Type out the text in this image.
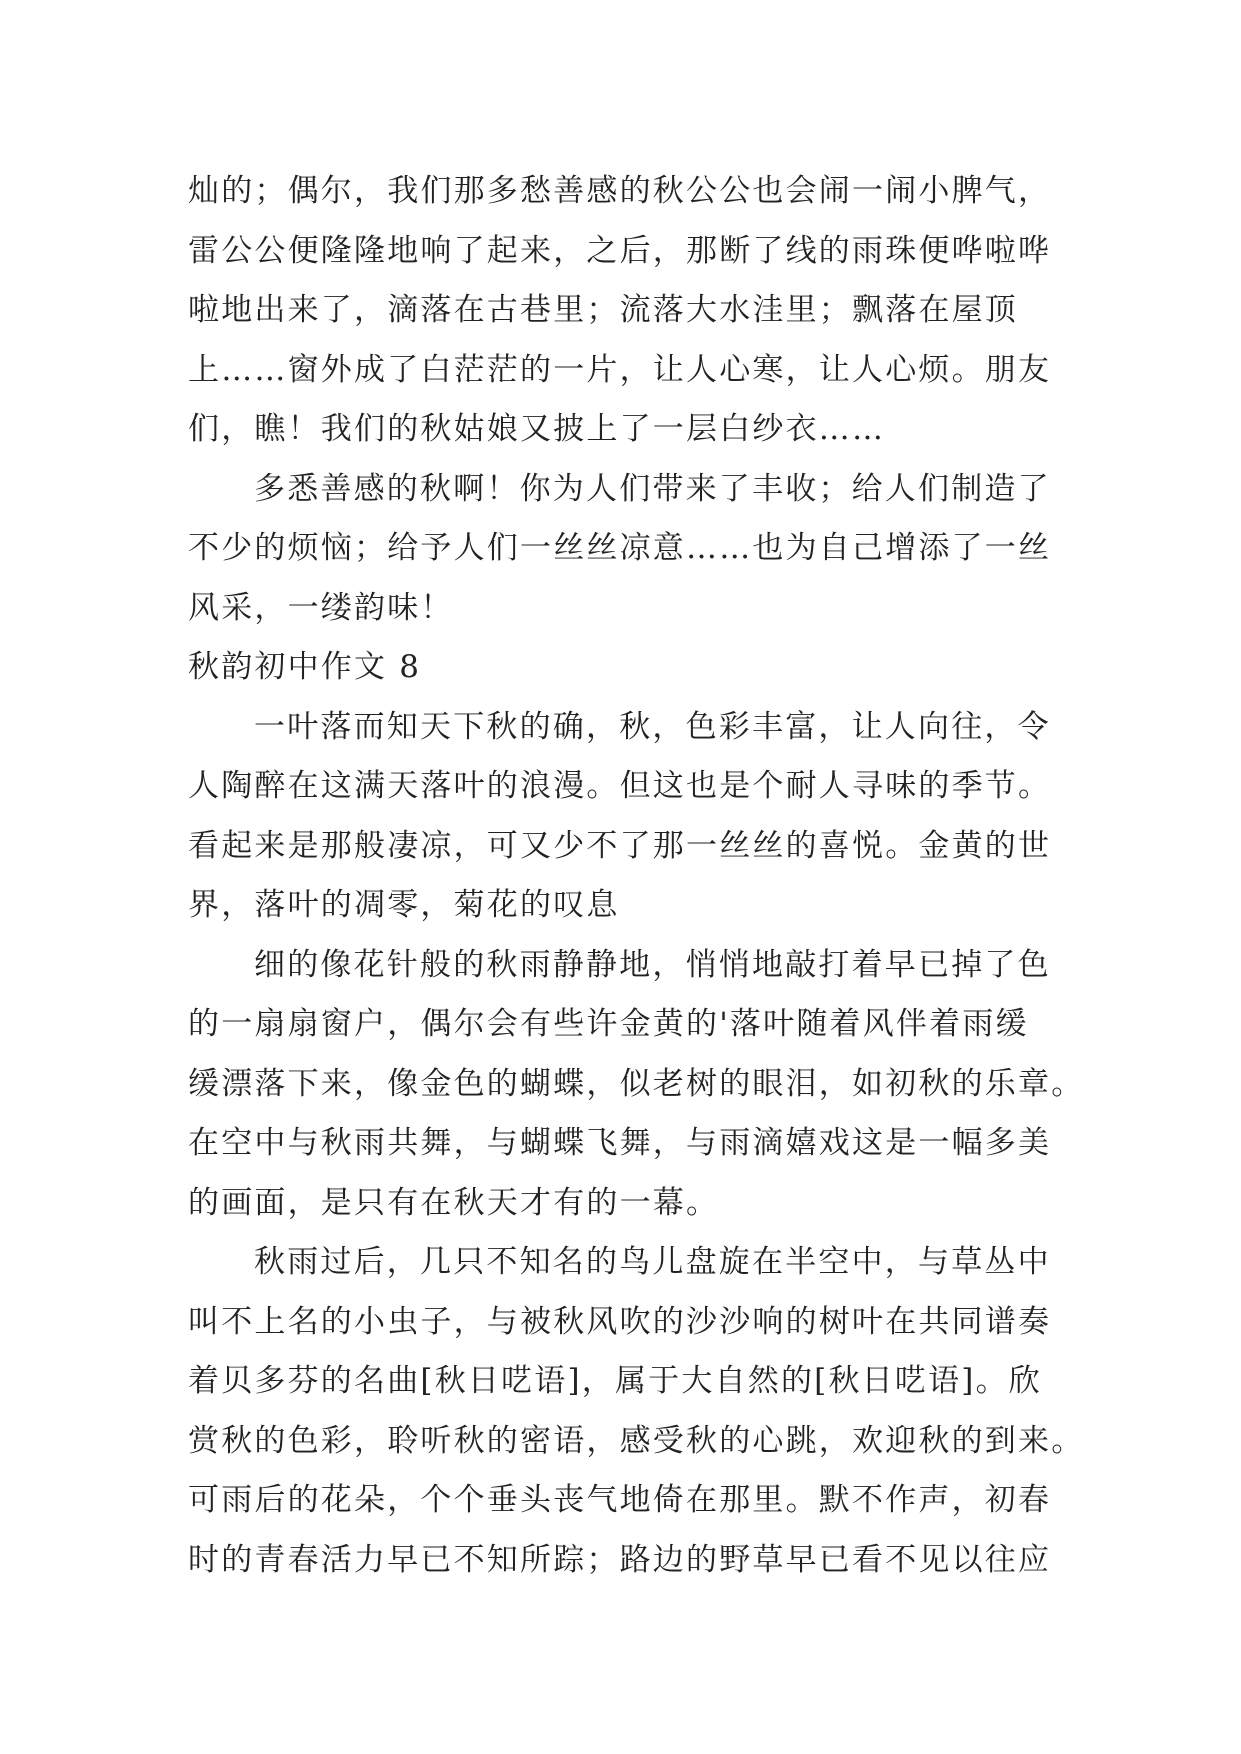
灿的；偶尔，我们那多愁善感的秋公公也会闹一闹小脾气，
雷公公便隆隆地响了起来，之后，那断了线的雨珠便哗啦哗
啦地出来了，滴落在古巷里；流落大水洼里；飘落在屋顶
上……窗外成了白茫茫的一片，让人心寒，让人心烦。朋友
们，瞧！我们的秋姑娘又披上了一层白纱衣……
多悉善感的秋啊！你为人们带来了丰收；给人们制造了
不少的烦恼；给予人们一丝丝凉意……也为自己增添了一丝
风采，一缕韵味！
秋韵初中作文 8
一叶落而知天下秋的确，秋，色彩丰富，让人向往，令
人陶醉在这满天落叶的浪漫。但这也是个耐人寻味的季节。
看起来是那般凄凉，可又少不了那一丝丝的喜悦。金黄的世
界，落叶的凋零，菊花的叹息
细的像花针般的秋雨静静地，悄悄地敲打着早已掉了色
的一扇扇窗户，偶尔会有些许金黄的'落叶随着风伴着雨缓
缓漂落下来，像金色的蝴蝶，似老树的眼泪，如初秋的乐章。
在空中与秋雨共舞，与蝴蝶飞舞，与雨滴嬉戏这是一幅多美
的画面，是只有在秋天才有的一幕。
秋雨过后，几只不知名的鸟儿盘旋在半空中，与草丛中
叫不上名的小虫子，与被秋风吹的沙沙响的树叶在共同谱奏
着贝多芬的名曲[秋日呓语]，属于大自然的[秋日呓语]。欣
赏秋的色彩，聆听秋的密语，感受秋的心跳，欢迎秋的到来。
可雨后的花朵，个个垂头丧气地倚在那里。默不作声，初春
时的青春活力早已不知所踪；路边的野草早已看不见以往应
